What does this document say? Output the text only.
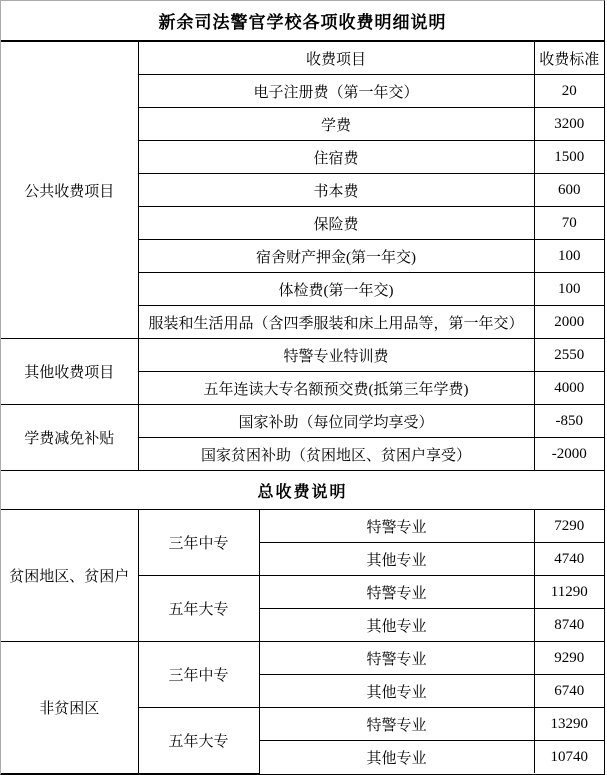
新余司法警官学校各项收费明细说明
公共收费项目	收费项目	收费标准
	电子注册费（第一年交）	20
	学费	3200
	住宿费	1500
	书本费	600
	保险费	70
	宿舍财产押金(第一年交)	100
	体检费(第一年交)	100
	服装和生活用品（含四季服装和床上用品等，第一年交）	2000
其他收费项目	特警专业特训费	2550
	五年连读大专名额预交费(抵第三年学费)	4000
学费减免补贴	国家补助（每位同学均享受）	-850
	国家贫困补助（贫困地区、贫困户享受）	-2000
总收费说明
贫困地区、贫困户	三年中专	特警专业	7290
		其他专业	4740
	五年大专	特警专业	11290
		其他专业	8740
非贫困区	三年中专	特警专业	9290
		其他专业	6740
	五年大专	特警专业	13290
		其他专业	10740
